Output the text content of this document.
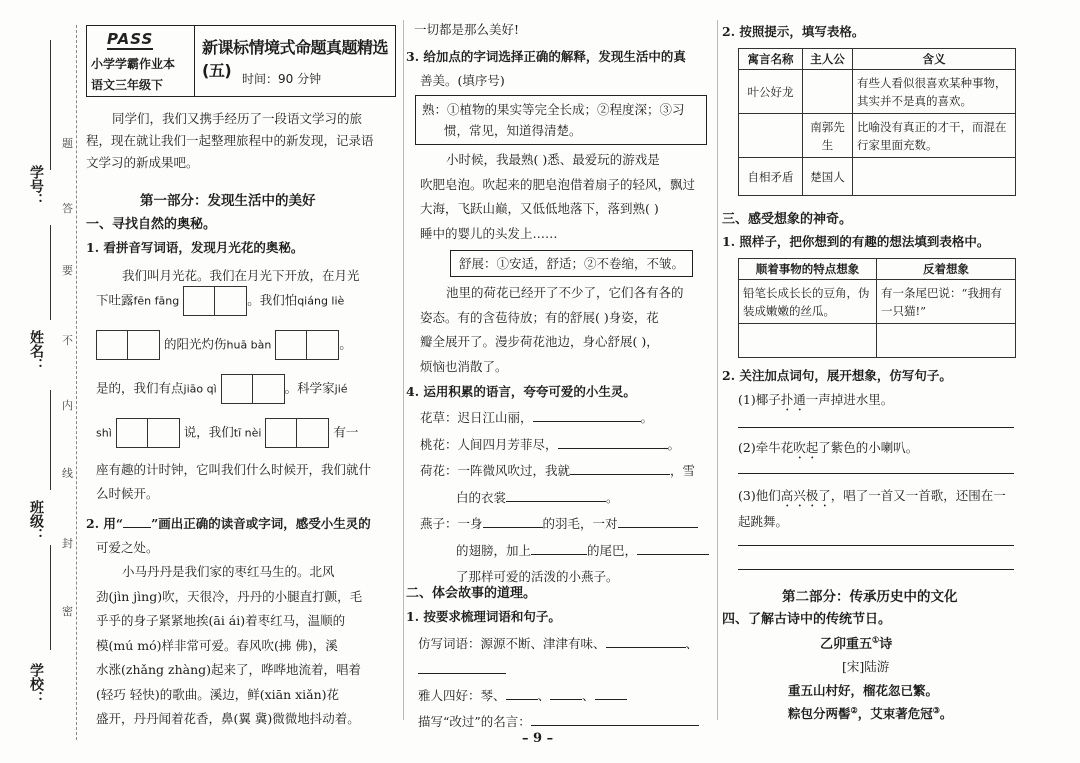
学号：
姓名：
班级：
学校：
题
答
要
不
内
线
封
密
PASS
小学学霸作业本
语文三年级下
新课标情境式命题真题精选(五) 时间：90 分钟
同学们，我们又携手经历了一段语文学习的旅
程，现在就让我们一起整理旅程中的新发现，记录语
文学习的新成果吧。
第一部分：发现生活中的美好
一、寻找自然的奥秘。
1. 看拼音写词语，发现月光花的奥秘。
我们叫月光花。我们在月光下开放，在月光
下吐露fēn fāng	。我们怕qiáng liè
的阳光灼伤huā bàn	。
是的，我们有点jiāo qì	。科学家jié
shì	说，我们tī nèi	有一
座有趣的计时钟，它叫我们什么时候开，我们就什
么时候开。
2. 用“ ”画出正确的读音或字词，感受小生灵的
可爱之处。
小马丹丹是我们家的枣红马生的。北风
劲(jìn jìng)吹，天很冷，丹丹的小腿直打颤，毛
乎乎的身子紧紧地挨(āi ái)着枣红马，温顺的
模(mú mó)样非常可爱。春风吹(拂 佛)，溪
水涨(zhǎng zhàng)起来了，哗哗地流着，唱着
(轻巧 轻快)的歌曲。溪边，鲜(xiān xiǎn)花
盛开，丹丹闻着花香，鼻(翼 冀)微微地抖动着。
一切都是那么美好!
3. 给加点的字词选择正确的解释，发现生活中的真
善美。(填序号)
熟：①植物的果实等完全长成；②程度深；③习
惯，常见，知道得清楚。
小时候，我最熟( )悉、最爱玩的游戏是
吹肥皂泡。吹起来的肥皂泡借着扇子的轻风，飘过
大海，飞跃山巅，又低低地落下，落到熟( )
睡中的婴儿的头发上……
舒展：①安适，舒适；②不卷缩，不皱。
池里的荷花已经开了不少了，它们各有各的
姿态。有的含苞待放；有的舒展( )身姿，花
瓣全展开了。漫步荷花池边，身心舒展( )，
烦恼也消散了。
4. 运用积累的语言，夸夸可爱的小生灵。
花草：迟日江山丽，	。
桃花：人间四月芳菲尽，	。
荷花：一阵微风吹过，我就	，雪
白的衣裳	。
燕子：一身	的羽毛，一对
的翅膀，加上	的尾巴，
了那样可爱的活泼的小燕子。
二、体会故事的道理。
1. 按要求梳理词语和句子。
仿写词语：源源不断、津津有味、	、
雅人四好：琴、	、	、
描写“改过”的名言：
2. 按照提示，填写表格。
寓言名称	主人公	含义
叶公好龙		有些人看似很喜欢某种事物，其实并不是真的喜欢。
	南郭先生	比喻没有真正的才干，而混在行家里面充数。
自相矛盾	楚国人	
三、感受想象的神奇。
1. 照样子，把你想到的有趣的想法填到表格中。
顺着事物的特点想象	反着想象
铅笔长成长长的豆角，伪装成嫩嫩的丝瓜。	有一条尾巴说：“我拥有一只猫!”

2. 关注加点词句，展开想象，仿写句子。
(1)椰子扑通一声掉进水里。
(2)牵牛花吹起了紫色的小喇叭。
(3)他们高兴极了，唱了一首又一首歌，还围在一
起跳舞。
第二部分：传承历史中的文化
四、了解古诗中的传统节日。
乙卯重五①诗
[宋]陆游
重五山村好，榴花忽已繁。
粽包分两髻②，艾束著危冠③。
– 9 –
